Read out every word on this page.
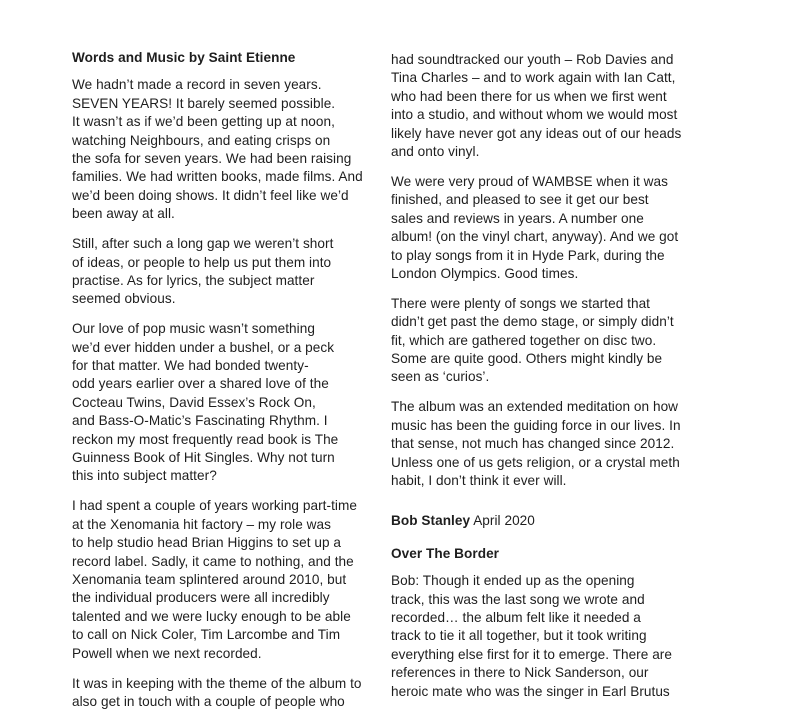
Words and Music by Saint Etienne
We hadn’t made a record in seven years.
SEVEN YEARS! It barely seemed possible.
It wasn’t as if we’d been getting up at noon,
watching Neighbours, and eating crisps on
the sofa for seven years. We had been raising
families. We had written books, made films. And
we’d been doing shows. It didn’t feel like we’d
been away at all.
Still, after such a long gap we weren’t short
of ideas, or people to help us put them into
practise. As for lyrics, the subject matter
seemed obvious.
Our love of pop music wasn’t something
we’d ever hidden under a bushel, or a peck
for that matter. We had bonded twenty-
odd years earlier over a shared love of the
Cocteau Twins, David Essex’s Rock On,
and Bass-O-Matic’s Fascinating Rhythm. I
reckon my most frequently read book is The
Guinness Book of Hit Singles. Why not turn
this into subject matter?
I had spent a couple of years working part-time
at the Xenomania hit factory – my role was
to help studio head Brian Higgins to set up a
record label. Sadly, it came to nothing, and the
Xenomania team splintered around 2010, but
the individual producers were all incredibly
talented and we were lucky enough to be able
to call on Nick Coler, Tim Larcombe and Tim
Powell when we next recorded.
It was in keeping with the theme of the album to
also get in touch with a couple of people who
had soundtracked our youth – Rob Davies and
Tina Charles – and to work again with Ian Catt,
who had been there for us when we first went
into a studio, and without whom we would most
likely have never got any ideas out of our heads
and onto vinyl.
We were very proud of WAMBSE when it was
finished, and pleased to see it get our best
sales and reviews in years. A number one
album! (on the vinyl chart, anyway). And we got
to play songs from it in Hyde Park, during the
London Olympics. Good times.
There were plenty of songs we started that
didn’t get past the demo stage, or simply didn’t
fit, which are gathered together on disc two.
Some are quite good. Others might kindly be
seen as ‘curios’.
The album was an extended meditation on how
music has been the guiding force in our lives. In
that sense, not much has changed since 2012.
Unless one of us gets religion, or a crystal meth
habit, I don’t think it ever will.
Bob Stanley April 2020
Over The Border
Bob: Though it ended up as the opening
track, this was the last song we wrote and
recorded… the album felt like it needed a
track to tie it all together, but it took writing
everything else first for it to emerge. There are
references in there to Nick Sanderson, our
heroic mate who was the singer in Earl Brutus
